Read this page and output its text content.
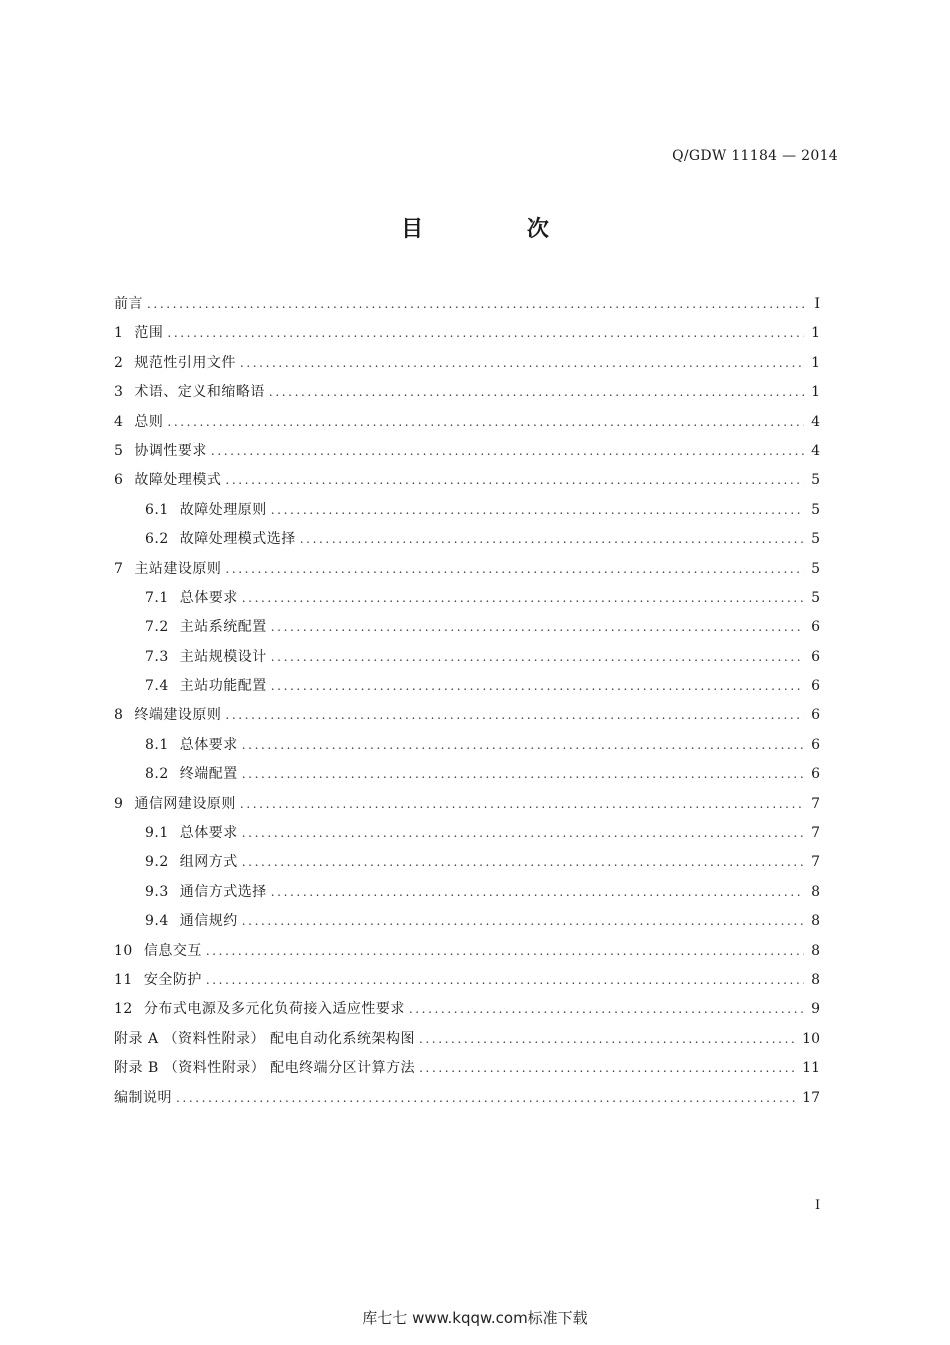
Q/GDW 11184 — 2014
目 次
前言 .....	I
1 范围 .....	1
2 规范性引用文件 .....	1
3 术语、定义和缩略语 .....	1
4 总则 .....	4
5 协调性要求 .....	4
6 故障处理模式 .....	5
6.1 故障处理原则 .....	5
6.2 故障处理模式选择 .....	5
7 主站建设原则 .....	5
7.1 总体要求 .....	5
7.2 主站系统配置 .....	6
7.3 主站规模设计 .....	6
7.4 主站功能配置 .....	6
8 终端建设原则 .....	6
8.1 总体要求 .....	6
8.2 终端配置 .....	6
9 通信网建设原则 .....	7
9.1 总体要求 .....	7
9.2 组网方式 .....	7
9.3 通信方式选择 .....	8
9.4 通信规约 .....	8
10 信息交互 .....	8
11 安全防护 .....	8
12 分布式电源及多元化负荷接入适应性要求 .....	9
附录 A （资料性附录） 配电自动化系统架构图 .....	10
附录 B （资料性附录） 配电终端分区计算方法 .....	11
编制说明 .....	17
I
库七七 www.kqqw.com标准下载
